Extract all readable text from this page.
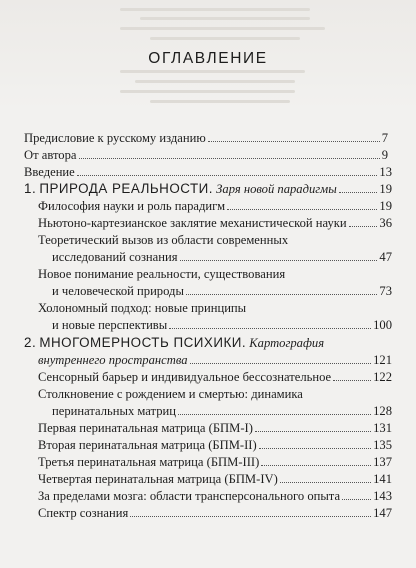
ОГЛАВЛЕНИЕ
Предисловие к русскому изданию	7
От автора	9
Введение	13
1. ПРИРОДА РЕАЛЬНОСТИ. Заря новой парадигмы	19
Философия науки и роль парадигм	19
Ньютоно-картезианское заклятие механистической науки	36
Теоретический вызов из области современных
исследований сознания	47
Новое понимание реальности, существования
и человеческой природы	73
Холономный подход: новые принципы
и новые перспективы	100
2. МНОГОМЕРНОСТЬ ПСИХИКИ. Картография
внутреннего пространства	121
Сенсорный барьер и индивидуальное бессознательное	122
Столкновение с рождением и смертью: динамика
перинатальных матриц	128
Первая перинатальная матрица (БПМ-I)	131
Вторая перинатальная матрица (БПМ-II)	135
Третья перинатальная матрица (БПМ-III)	137
Четвертая перинатальная матрица (БПМ-IV)	141
За пределами мозга: области трансперсонального опыта	143
Спектр сознания	147
